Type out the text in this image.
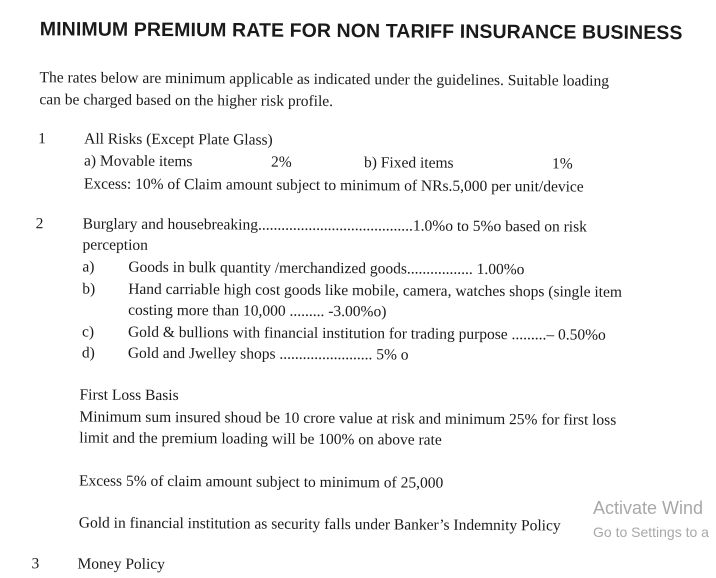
MINIMUM PREMIUM RATE FOR NON TARIFF INSURANCE BUSINESS
The rates below are minimum applicable as indicated under the guidelines. Suitable loading
can be charged based on the higher risk profile.
1 All Risks (Except Plate Glass)
a) Movable items	2%	b) Fixed items	1%
Excess: 10% of Claim amount subject to minimum of NRs.5,000 per unit/device
2	Burglary and housebreaking........................................1.0%o to 5%o based on risk
perception
a) Goods in bulk quantity /merchandized goods................. 1.00%o
b) Hand carriable high cost goods like mobile, camera, watches shops (single item
costing more than 10,000 ......... -3.00%o)
c) Gold & bullions with financial institution for trading purpose .........– 0.50%o
d) Gold and Jwelley shops ........................ 5% o
First Loss Basis
Minimum sum insured shoud be 10 crore value at risk and minimum 25% for first loss
limit and the premium loading will be 100% on above rate
Excess 5% of claim amount subject to minimum of 25,000
Gold in financial institution as security falls under Banker’s Indemnity Policy
3 Money Policy
Activate Wind
Go to Settings to a
